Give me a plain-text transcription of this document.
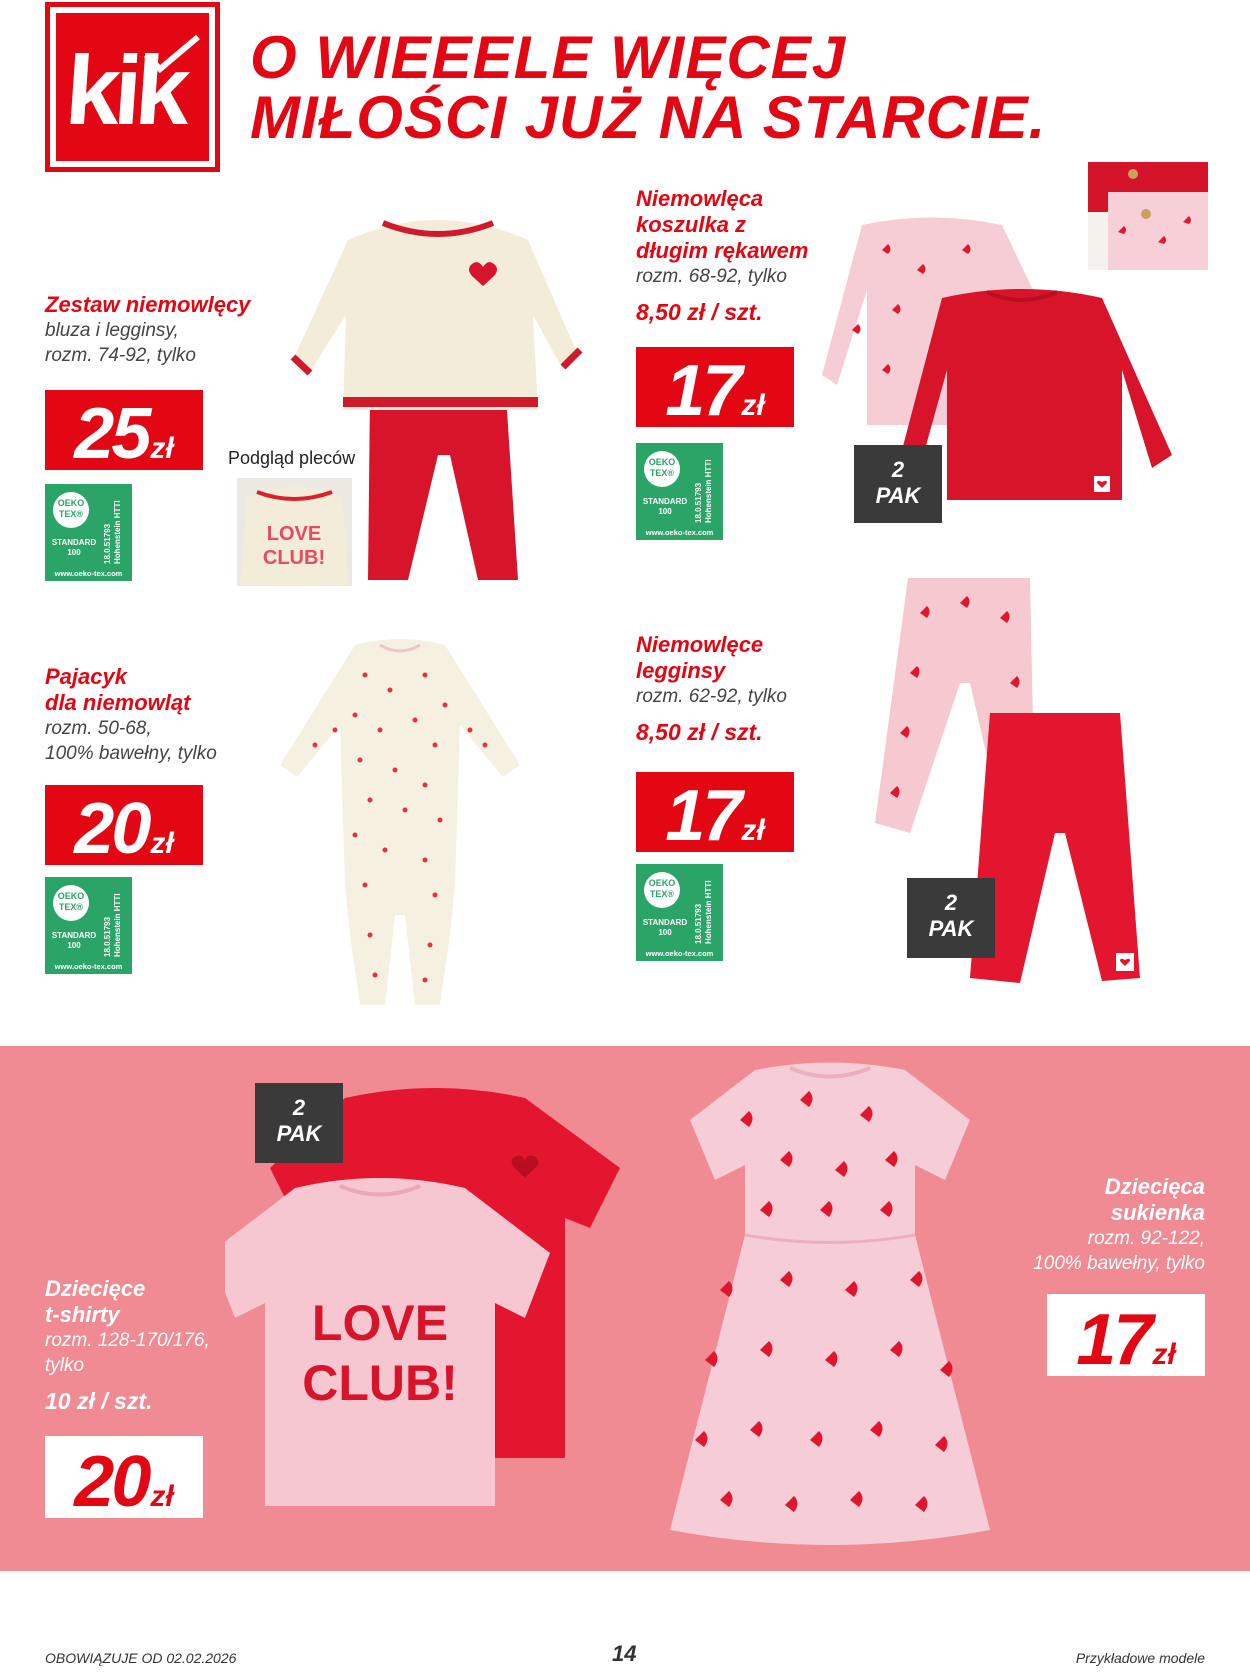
kik O WIEEELE WIĘCEJ
MIŁOŚCI JUŻ NA STARCIE.
Zestaw niemowlęcy
bluza i legginsy,
rozm. 74-92, tylko
25 zł
OEKO
TEX®
STANDARD
100	18.0.51793
Hohenstein HTTI
www.oeko-tex.com
Podgląd pleców
LOVE
CLUB!
Niemowlęca
koszulka z
długim rękawem
rozm. 68-92, tylko
8,50 zł / szt.
17 zł
OEKO
TEX®
STANDARD
100	18.0.51793
Hohenstein HTTI
www.oeko-tex.com
2
PAK
Pajacyk
dla niemowląt
rozm. 50-68,
100% bawełny, tylko
20 zł
OEKO
TEX®
STANDARD
100	18.0.51793
Hohenstein HTTI
www.oeko-tex.com
Niemowlęce
legginsy
rozm. 62-92, tylko
8,50 zł / szt.
17 zł
OEKO
TEX®
STANDARD
100	18.0.51793
Hohenstein HTTI
www.oeko-tex.com
2
PAK
Dziecięce
t-shirty
rozm. 128-170/176,
tylko
10 zł / szt.
20 zł
LOVE
CLUB!
2
PAK
Dziecięca
sukienka
rozm. 92-122,
100% bawełny, tylko
17 zł
OBOWIĄZUJE OD 02.02.2026	14	Przykładowe modele
